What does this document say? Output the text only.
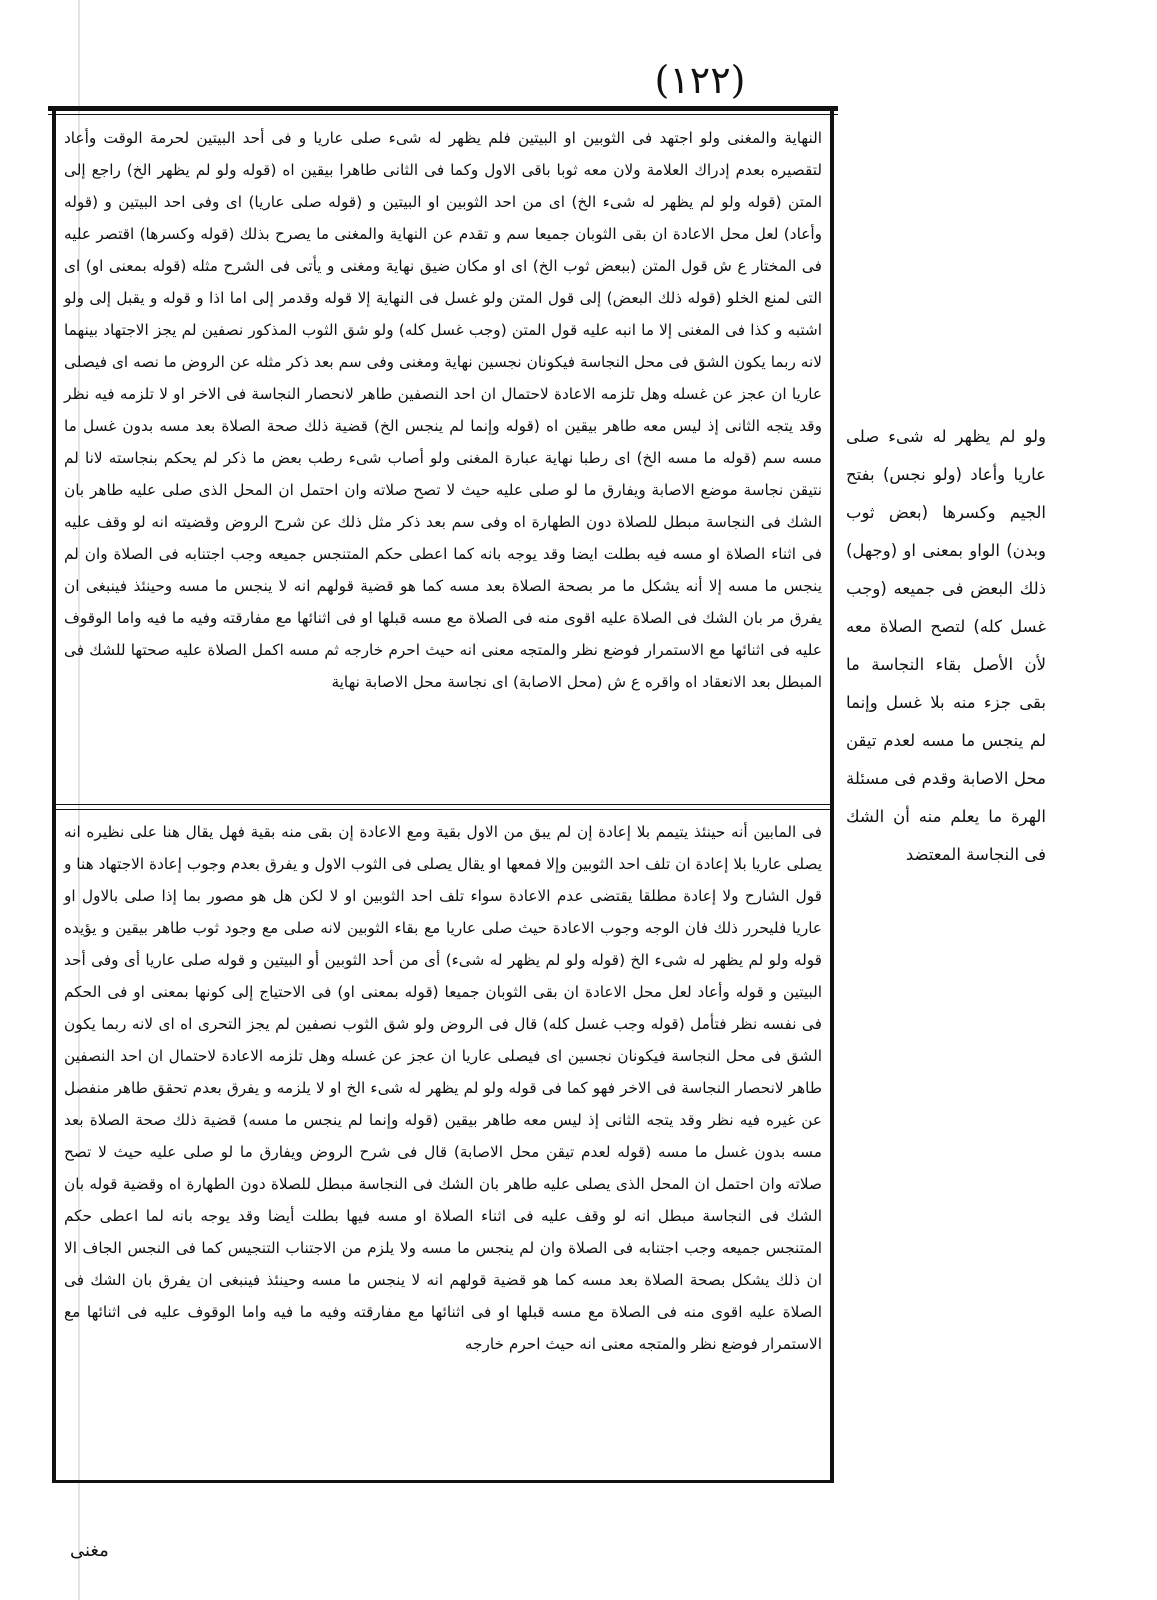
(١٢٢)

النهاية والمغنى ولو اجتهد فى الثوبين او البيتين فلم يظهر له شىء صلى عاريا و فى أحد البيتين لحرمة الوقت وأعاد لتقصيره بعدم إدراك العلامة ولان معه ثوبا باقى الاول وكما فى الثانى طاهرا بيقين اه (قوله ولو لم يظهر الخ) راجع إلى المتن (قوله ولو لم يظهر له شىء الخ) اى من احد الثوبين او البيتين و (قوله صلى عاريا) اى وفى احد البيتين و (قوله وأعاد) لعل محل الاعادة ان بقى الثوبان جميعا سم و تقدم عن النهاية والمغنى ما يصرح بذلك (قوله وكسرها) اقتصر عليه فى المختار ع ش قول المتن (ببعض ثوب الخ) اى او مكان ضيق نهاية ومغنى و يأتى فى الشرح مثله (قوله بمعنى او) اى التى لمنع الخلو (قوله ذلك البعض) إلى قول المتن ولو غسل فى النهاية إلا قوله وقدمر إلى اما اذا و قوله و يقبل إلى ولو اشتبه و كذا فى المغنى إلا ما انبه عليه قول المتن (وجب غسل كله) ولو شق الثوب المذكور نصفين لم يجز الاجتهاد بينهما لانه ربما يكون الشق فى محل النجاسة فيكونان نجسين نهاية ومغنى وفى سم بعد ذكر مثله عن الروض ما نصه اى فيصلى عاريا ان عجز عن غسله وهل تلزمه الاعادة لاحتمال ان احد النصفين طاهر لانحصار النجاسة فى الاخر او لا تلزمه فيه نظر وقد يتجه الثانى إذ ليس معه طاهر بيقين اه (قوله وإنما لم ينجس الخ) قضية ذلك صحة الصلاة بعد مسه بدون غسل ما مسه سم (قوله ما مسه الخ) اى رطبا نهاية عبارة المغنى ولو أصاب شىء رطب بعض ما ذكر لم يحكم بنجاسته لانا لم نتيقن نجاسة موضع الاصابة ويفارق ما لو صلى عليه حيث لا تصح صلاته وان احتمل ان المحل الذى صلى عليه طاهر بان الشك فى النجاسة مبطل للصلاة دون الطهارة اه وفى سم بعد ذكر مثل ذلك عن شرح الروض وقضيته انه لو وقف عليه فى اثناء الصلاة او مسه فيه بطلت ايضا وقد يوجه بانه كما اعطى حكم المتنجس جميعه وجب اجتنابه فى الصلاة وان لم ينجس ما مسه إلا أنه يشكل ما مر بصحة الصلاة بعد مسه كما هو قضية قولهم انه لا ينجس ما مسه وحينئذ فينبغى ان يفرق مر بان الشك فى الصلاة عليه اقوى منه فى الصلاة مع مسه قبلها او فى اثنائها مع مفارقته وفيه ما فيه واما الوقوف عليه فى اثنائها مع الاستمرار فوضع نظر والمتجه معنى انه حيث احرم خارجه ثم مسه اكمل الصلاة عليه صحتها للشك فى المبطل بعد الانعقاد اه واقره ع ش (محل الاصابة) اى نجاسة محل الاصابة نهاية

فى المابين أنه حينئذ يتيمم بلا إعادة إن لم يبق من الاول بقية ومع الاعادة إن بقى منه بقية فهل يقال هنا على نظيره انه يصلى عاريا بلا إعادة ان تلف احد الثوبين وإلا فمعها او يقال يصلى فى الثوب الاول و يفرق بعدم وجوب إعادة الاجتهاد هنا و قول الشارح ولا إعادة مطلقا يقتضى عدم الاعادة سواء تلف احد الثوبين او لا لكن هل هو مصور بما إذا صلى بالاول او عاريا فليحرر ذلك فان الوجه وجوب الاعادة حيث صلى عاريا مع بقاء الثوبين لانه صلى مع وجود ثوب طاهر بيقين و يؤيده قوله ولو لم يظهر له شىء الخ (قوله ولو لم يظهر له شىء) أى من أحد الثوبين أو البيتين و قوله صلى عاريا أى وفى أحد البيتين و قوله وأعاد لعل محل الاعادة ان بقى الثوبان جميعا (قوله بمعنى او) فى الاحتياج إلى كونها بمعنى او فى الحكم فى نفسه نظر فتأمل (قوله وجب غسل كله) قال فى الروض ولو شق الثوب نصفين لم يجز التحرى اه اى لانه ربما يكون الشق فى محل النجاسة فيكونان نجسين اى فيصلى عاريا ان عجز عن غسله وهل تلزمه الاعادة لاحتمال ان احد النصفين طاهر لانحصار النجاسة فى الاخر فهو كما فى قوله ولو لم يظهر له شىء الخ او لا يلزمه و يفرق بعدم تحقق طاهر منفصل عن غيره فيه نظر وقد يتجه الثانى إذ ليس معه طاهر بيقين (قوله وإنما لم ينجس ما مسه) قضية ذلك صحة الصلاة بعد مسه بدون غسل ما مسه (قوله لعدم تيقن محل الاصابة) قال فى شرح الروض ويفارق ما لو صلى عليه حيث لا تصح صلاته وان احتمل ان المحل الذى يصلى عليه طاهر بان الشك فى النجاسة مبطل للصلاة دون الطهارة اه وقضية قوله بان الشك فى النجاسة مبطل انه لو وقف عليه فى اثناء الصلاة او مسه فيها بطلت أيضا وقد يوجه بانه لما اعطى حكم المتنجس جميعه وجب اجتنابه فى الصلاة وان لم ينجس ما مسه ولا يلزم من الاجتناب التنجيس كما فى النجس الجاف الا ان ذلك يشكل بصحة الصلاة بعد مسه كما هو قضية قولهم انه لا ينجس ما مسه وحينئذ فينبغى ان يفرق بان الشك فى الصلاة عليه اقوى منه فى الصلاة مع مسه قبلها او فى اثنائها مع مفارقته وفيه ما فيه واما الوقوف عليه فى اثنائها مع الاستمرار فوضع نظر والمتجه معنى انه حيث احرم خارجه

ولو لم يظهر له شىء صلى عاريا وأعاد (ولو نجس) بفتح الجيم وكسرها (بعض ثوب وبدن) الواو بمعنى او (وجهل) ذلك البعض فى جميعه (وجب غسل كله) لتصح الصلاة معه لأن الأصل بقاء النجاسة ما بقى جزء منه بلا غسل وإنما لم ينجس ما مسه لعدم تيقن محل الاصابة وقدم فى مسئلة الهرة ما يعلم منه أن الشك فى النجاسة المعتضد

مغنى
